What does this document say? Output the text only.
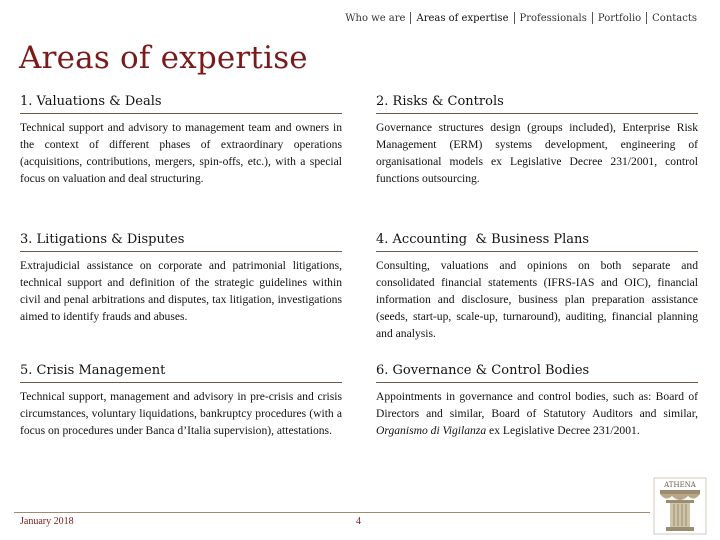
Who we are	Areas of expertise	Professionals	Portfolio	Contacts
Areas of expertise
1. Valuations & Deals
Technical support and advisory to management team and owners in the context of different phases of extraordinary operations (acquisitions, contributions, mergers, spin-offs, etc.), with a special focus on valuation and deal structuring.
2. Risks & Controls
Governance structures design (groups included), Enterprise Risk Management (ERM) systems development, engineering of organisational models ex Legislative Decree 231/2001, control functions outsourcing.
3. Litigations & Disputes
Extrajudicial assistance on corporate and patrimonial litigations, technical support and definition of the strategic guidelines within civil and penal arbitrations and disputes, tax litigation, investigations aimed to identify frauds and abuses.
4. Accounting  & Business Plans
Consulting, valuations and opinions on both separate and consolidated financial statements (IFRS-IAS and OIC), financial information and disclosure, business plan preparation assistance (seeds, start-up, scale-up, turnaround), auditing, financial planning and analysis.
5. Crisis Management
Technical support, management and advisory in pre-crisis and crisis circumstances, voluntary liquidations, bankruptcy procedures (with a focus on procedures under Banca d’Italia supervision), attestations.
6. Governance & Control Bodies
Appointments in governance and control bodies, such as: Board of Directors and similar, Board of Statutory Auditors and similar, Organismo di Vigilanza ex Legislative Decree 231/2001.
January 2018	4
ATHENA
